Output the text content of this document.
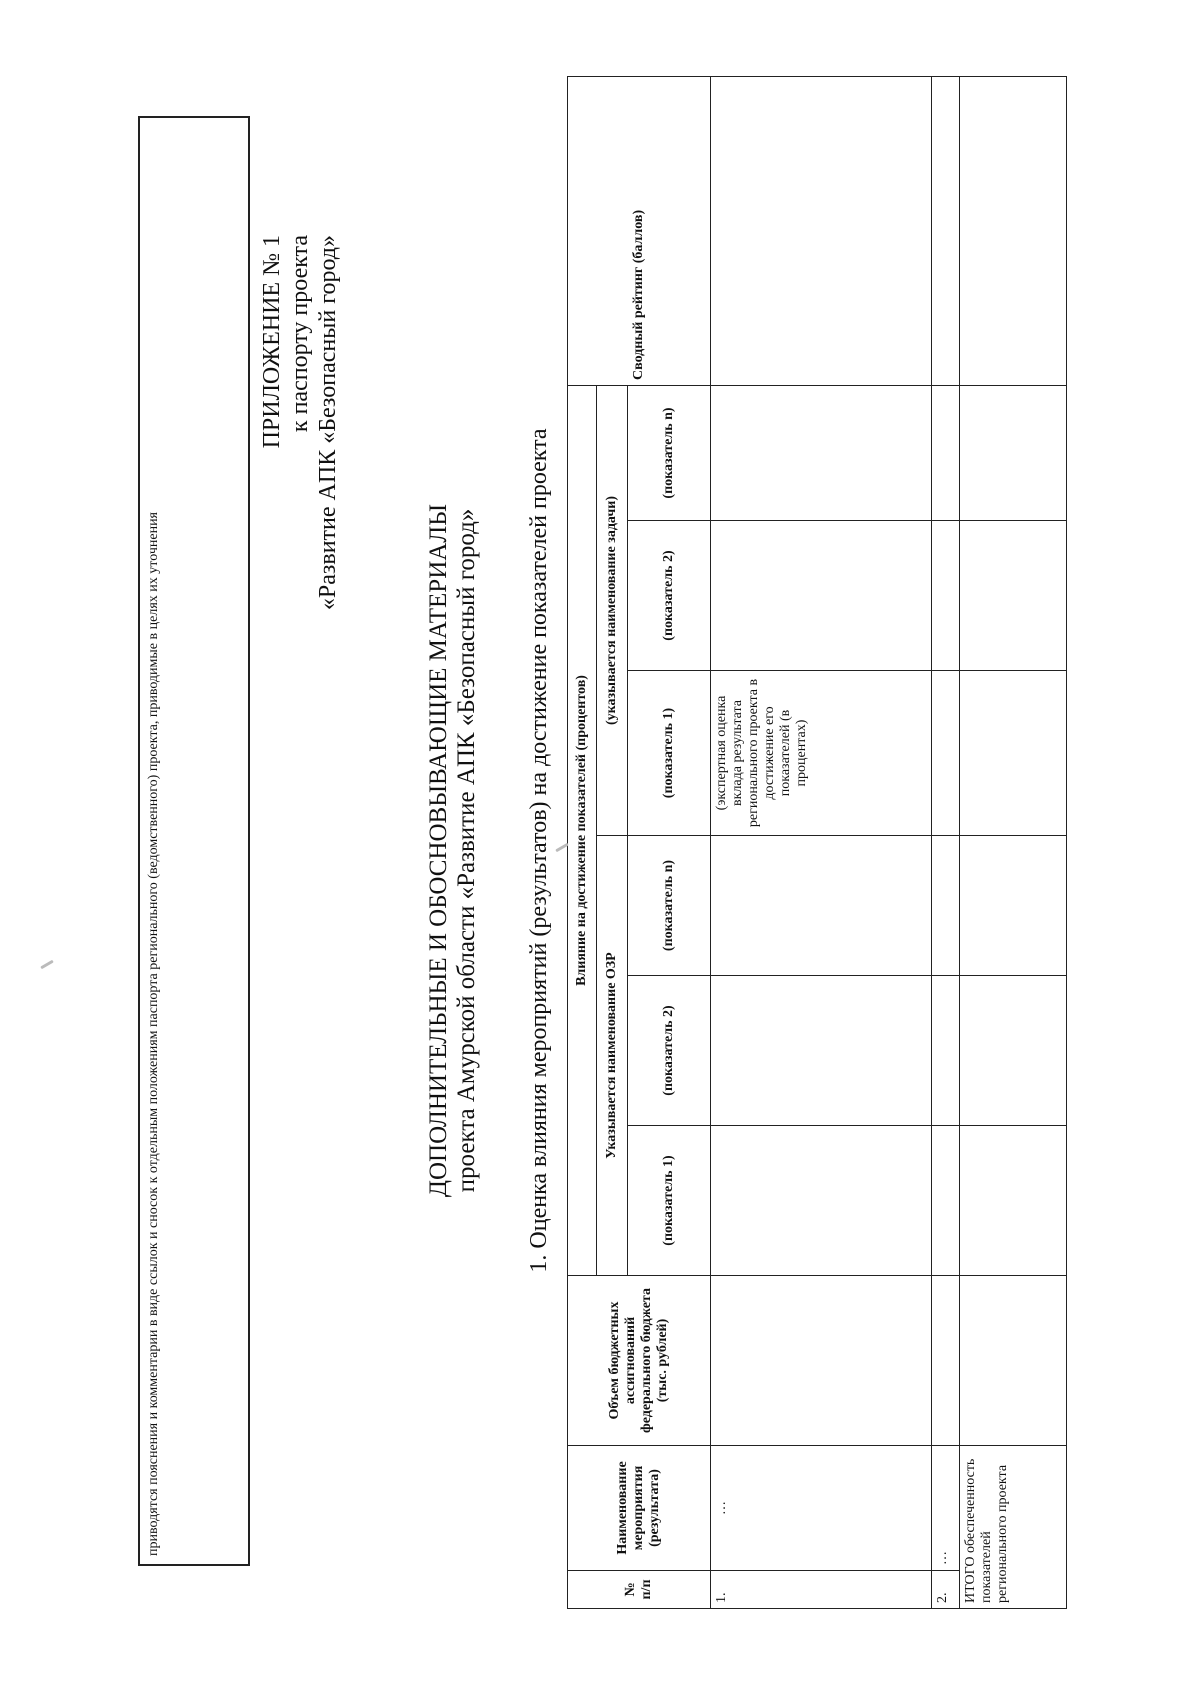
приводятся пояснения и комментарии в виде ссылок и сносок к отдельным положениям паспорта регионального (ведомственного) проекта, приводимые в целях их уточнения
ПРИЛОЖЕНИЕ № 1 к паспорту проекта «Развитие АПК «Безопасный город»
ДОПОЛНИТЕЛЬНЫЕ И ОБОСНОВЫВАЮЩИЕ МАТЕРИАЛЫ проекта Амурской области «Развитие АПК «Безопасный город» 1. Оценка влияния мероприятий (результатов) на достижение показателей проекта
№ п/п	Наименование мероприятия (результата)	Объем бюджетных ассигнований федерального бюджета (тыс. рублей)	Влияние на достижение показателей (процентов)						Сводный рейтинг (баллов)
			Указывается наименование ОЗР			(указывается наименование задачи)			
			(показатель 1)	(показатель 2)	(показатель n)	(показатель 1)	(показатель 2)	(показатель n)	
1.	…					(экспертная оценка вклада результата регионального проекта в достижение его показателей (в процентах)			
2.	…								
ИТОГО обеспеченность показателей регионального проекта									
